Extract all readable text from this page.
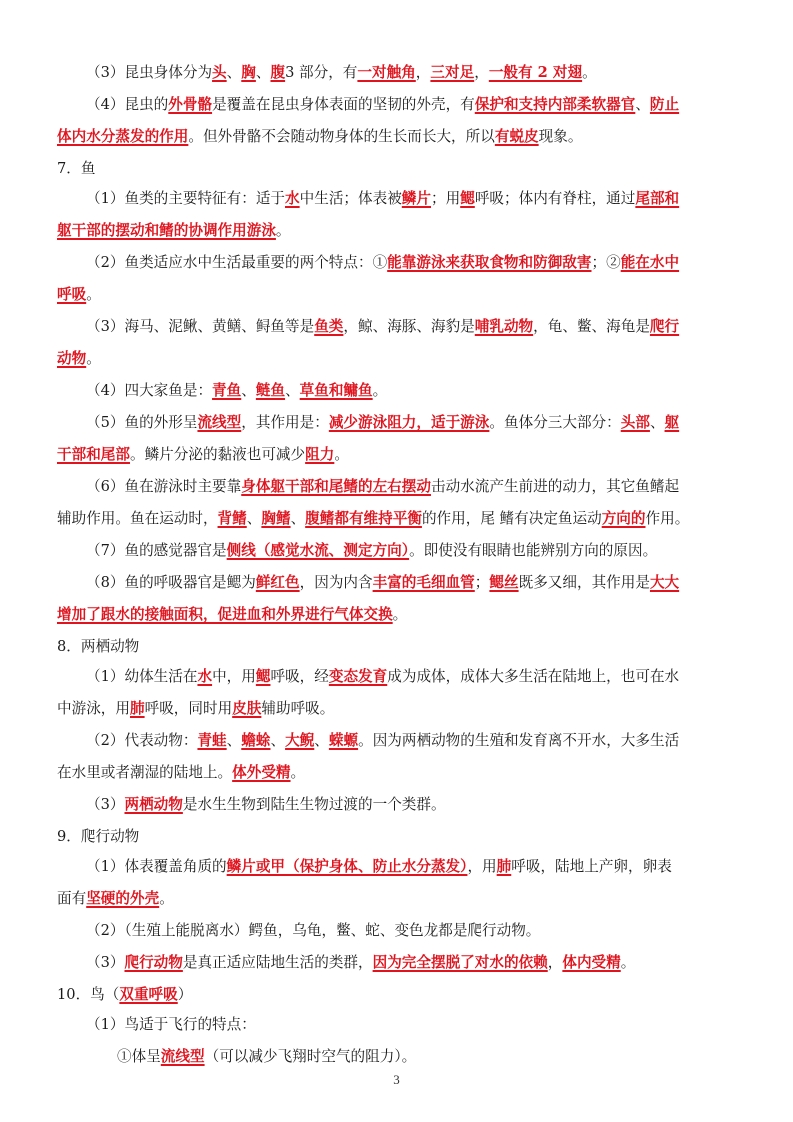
（3）昆虫身体分为头、胸、腹3 部分，有一对触角，三对足，一般有 2 对翅。
（4）昆虫的外骨骼是覆盖在昆虫身体表面的坚韧的外壳，有保护和支持内部柔软器官、防止
体内水分蒸发的作用。但外骨骼不会随动物身体的生长而长大，所以有蜕皮现象。
7．鱼
（1）鱼类的主要特征有：适于水中生活；体表被鳞片；用鳃呼吸；体内有脊柱，通过尾部和
躯干部的摆动和鳍的协调作用游泳。
（2）鱼类适应水中生活最重要的两个特点：①能靠游泳来获取食物和防御敌害；②能在水中
呼吸。
（3）海马、泥鳅、黄鳝、鲟鱼等是鱼类，鲸、海豚、海豹是哺乳动物，龟、鳖、海龟是爬行
动物。
（4）四大家鱼是：青鱼、鲢鱼、草鱼和鳙鱼。
（5）鱼的外形呈流线型，其作用是：减少游泳阻力，适于游泳。鱼体分三大部分：头部、躯
干部和尾部。鳞片分泌的黏液也可减少阻力。
（6）鱼在游泳时主要靠身体躯干部和尾鳍的左右摆动击动水流产生前进的动力，其它鱼鳍起
辅助作用。鱼在运动时，背鳍、胸鳍、腹鳍都有维持平衡的作用，尾 鳍有决定鱼运动方向的作用。
（7）鱼的感觉器官是侧线（感觉水流、测定方向）。即使没有眼睛也能辨别方向的原因。
（8）鱼的呼吸器官是鳃为鲜红色，因为内含丰富的毛细血管；鳃丝既多又细，其作用是大大
增加了跟水的接触面积，促进血和外界进行气体交换。
8．两栖动物
（1）幼体生活在水中，用鳃呼吸，经变态发育成为成体，成体大多生活在陆地上，也可在水
中游泳，用肺呼吸，同时用皮肤辅助呼吸。
（2）代表动物：青蛙、蟾蜍、大鲵、蝾螈。因为两栖动物的生殖和发育离不开水，大多生活
在水里或者潮湿的陆地上。体外受精。
（3）两栖动物是水生生物到陆生生物过渡的一个类群。
9．爬行动物
（1）体表覆盖角质的鳞片或甲（保护身体、防止水分蒸发），用肺呼吸，陆地上产卵，卵表
面有坚硬的外壳。
（2）（生殖上能脱离水）鳄鱼，乌龟，鳖、蛇、变色龙都是爬行动物。
（3）爬行动物是真正适应陆地生活的类群，因为完全摆脱了对水的依赖，体内受精。
10．鸟（双重呼吸）
（1）鸟适于飞行的特点：
①体呈流线型（可以减少飞翔时空气的阻力）。
3
